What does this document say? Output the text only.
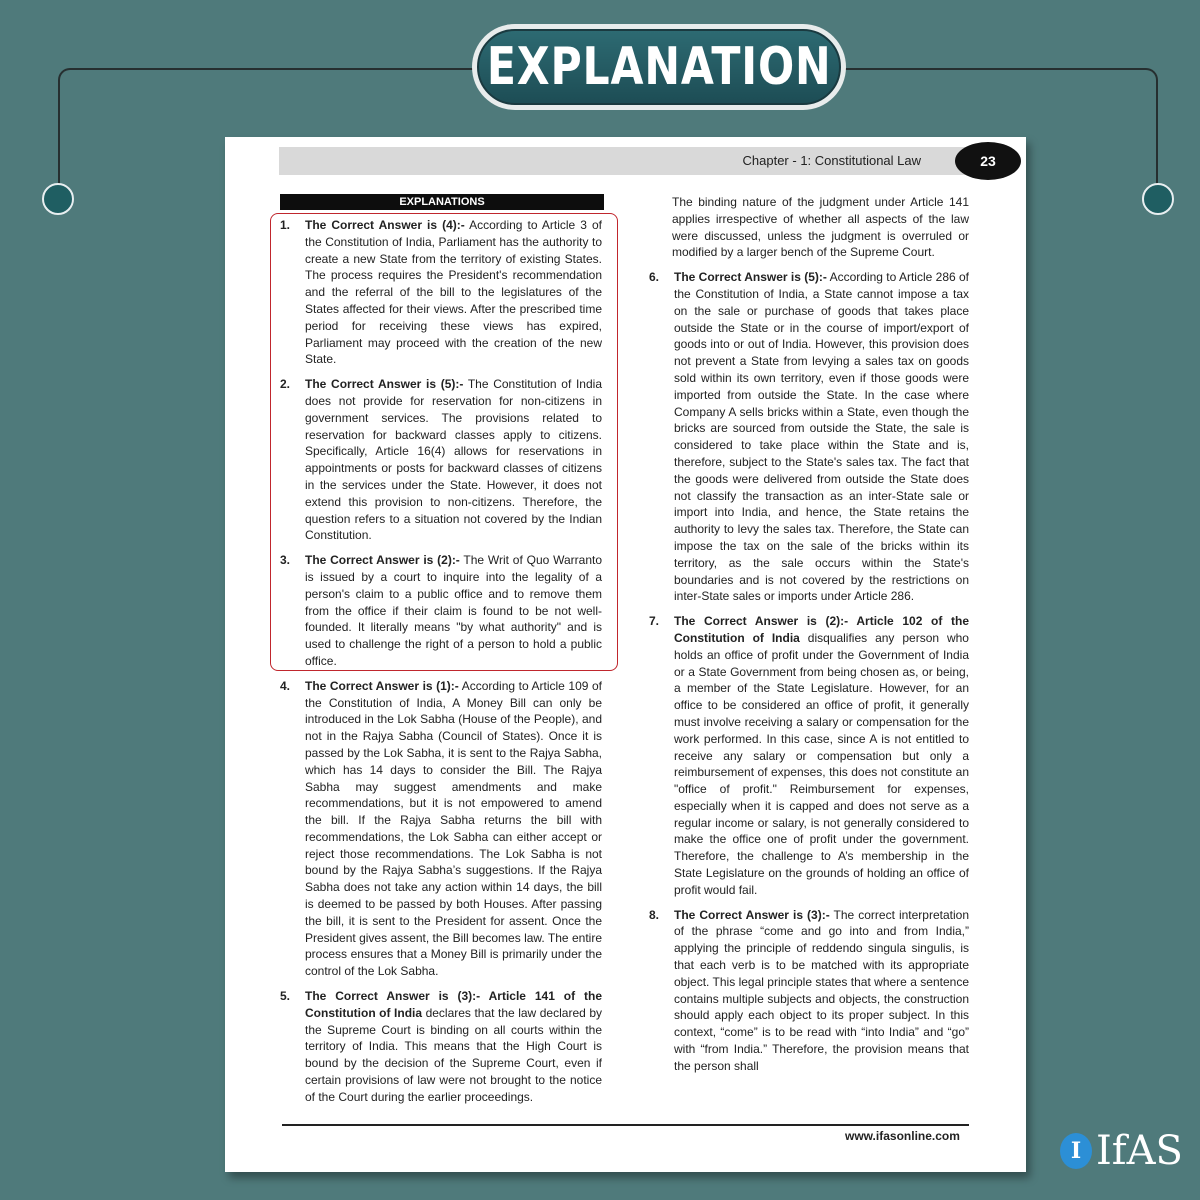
EXPLANATION
Chapter - 1: Constitutional Law	23
EXPLANATIONS
1.	The Correct Answer is (4):- According to Article 3 of the Constitution of India, Parliament has the authority to create a new State from the territory of existing States. The process requires the President's recommendation and the referral of the bill to the legislatures of the States affected for their views. After the prescribed time period for receiving these views has expired, Parliament may proceed with the creation of the new State.
2.	The Correct Answer is (5):- The Constitution of India does not provide for reservation for non-citizens in government services. The provisions related to reservation for backward classes apply to citizens. Specifically, Article 16(4) allows for reservations in appointments or posts for backward classes of citizens in the services under the State. However, it does not extend this provision to non-citizens. Therefore, the question refers to a situation not covered by the Indian Constitution.
3.	The Correct Answer is (2):- The Writ of Quo Warranto is issued by a court to inquire into the legality of a person's claim to a public office and to remove them from the office if their claim is found to be not well-founded. It literally means "by what authority" and is used to challenge the right of a person to hold a public office.
4.	The Correct Answer is (1):- According to Article 109 of the Constitution of India, A Money Bill can only be introduced in the Lok Sabha (House of the People), and not in the Rajya Sabha (Council of States). Once it is passed by the Lok Sabha, it is sent to the Rajya Sabha, which has 14 days to consider the Bill. The Rajya Sabha may suggest amendments and make recommendations, but it is not empowered to amend the bill. If the Rajya Sabha returns the bill with recommendations, the Lok Sabha can either accept or reject those recommendations. The Lok Sabha is not bound by the Rajya Sabha’s suggestions. If the Rajya Sabha does not take any action within 14 days, the bill is deemed to be passed by both Houses. After passing the bill, it is sent to the President for assent. Once the President gives assent, the Bill becomes law. The entire process ensures that a Money Bill is primarily under the control of the Lok Sabha.
5.	The Correct Answer is (3):- Article 141 of the Constitution of India declares that the law declared by the Supreme Court is binding on all courts within the territory of India. This means that the High Court is bound by the decision of the Supreme Court, even if certain provisions of law were not brought to the notice of the Court during the earlier proceedings.

The binding nature of the judgment under Article 141 applies irrespective of whether all aspects of the law were discussed, unless the judgment is overruled or modified by a larger bench of the Supreme Court.

6.	The Correct Answer is (5):- According to Article 286 of the Constitution of India, a State cannot impose a tax on the sale or purchase of goods that takes place outside the State or in the course of import/export of goods into or out of India. However, this provision does not prevent a State from levying a sales tax on goods sold within its own territory, even if those goods were imported from outside the State. In the case where Company A sells bricks within a State, even though the bricks are sourced from outside the State, the sale is considered to take place within the State and is, therefore, subject to the State's sales tax. The fact that the goods were delivered from outside the State does not classify the transaction as an inter-State sale or import into India, and hence, the State retains the authority to levy the sales tax. Therefore, the State can impose the tax on the sale of the bricks within its territory, as the sale occurs within the State's boundaries and is not covered by the restrictions on inter-State sales or imports under Article 286.
7.	The Correct Answer is (2):- Article 102 of the Constitution of India disqualifies any person who holds an office of profit under the Government of India or a State Government from being chosen as, or being, a member of the State Legislature. However, for an office to be considered an office of profit, it generally must involve receiving a salary or compensation for the work performed. In this case, since A is not entitled to receive any salary or compensation but only a reimbursement of expenses, this does not constitute an "office of profit." Reimbursement for expenses, especially when it is capped and does not serve as a regular income or salary, is not generally considered to make the office one of profit under the government. Therefore, the challenge to A’s membership in the State Legislature on the grounds of holding an office of profit would fail.
8.	The Correct Answer is (3):- The correct interpretation of the phrase “come and go into and from India,” applying the principle of reddendo singula singulis, is that each verb is to be matched with its appropriate object. This legal principle states that where a sentence contains multiple subjects and objects, the construction should apply each object to its proper subject. In this context, “come” is to be read with “into India” and “go” with “from India.” Therefore, the provision means that the person shall
www.ifasonline.com
I IfAS
